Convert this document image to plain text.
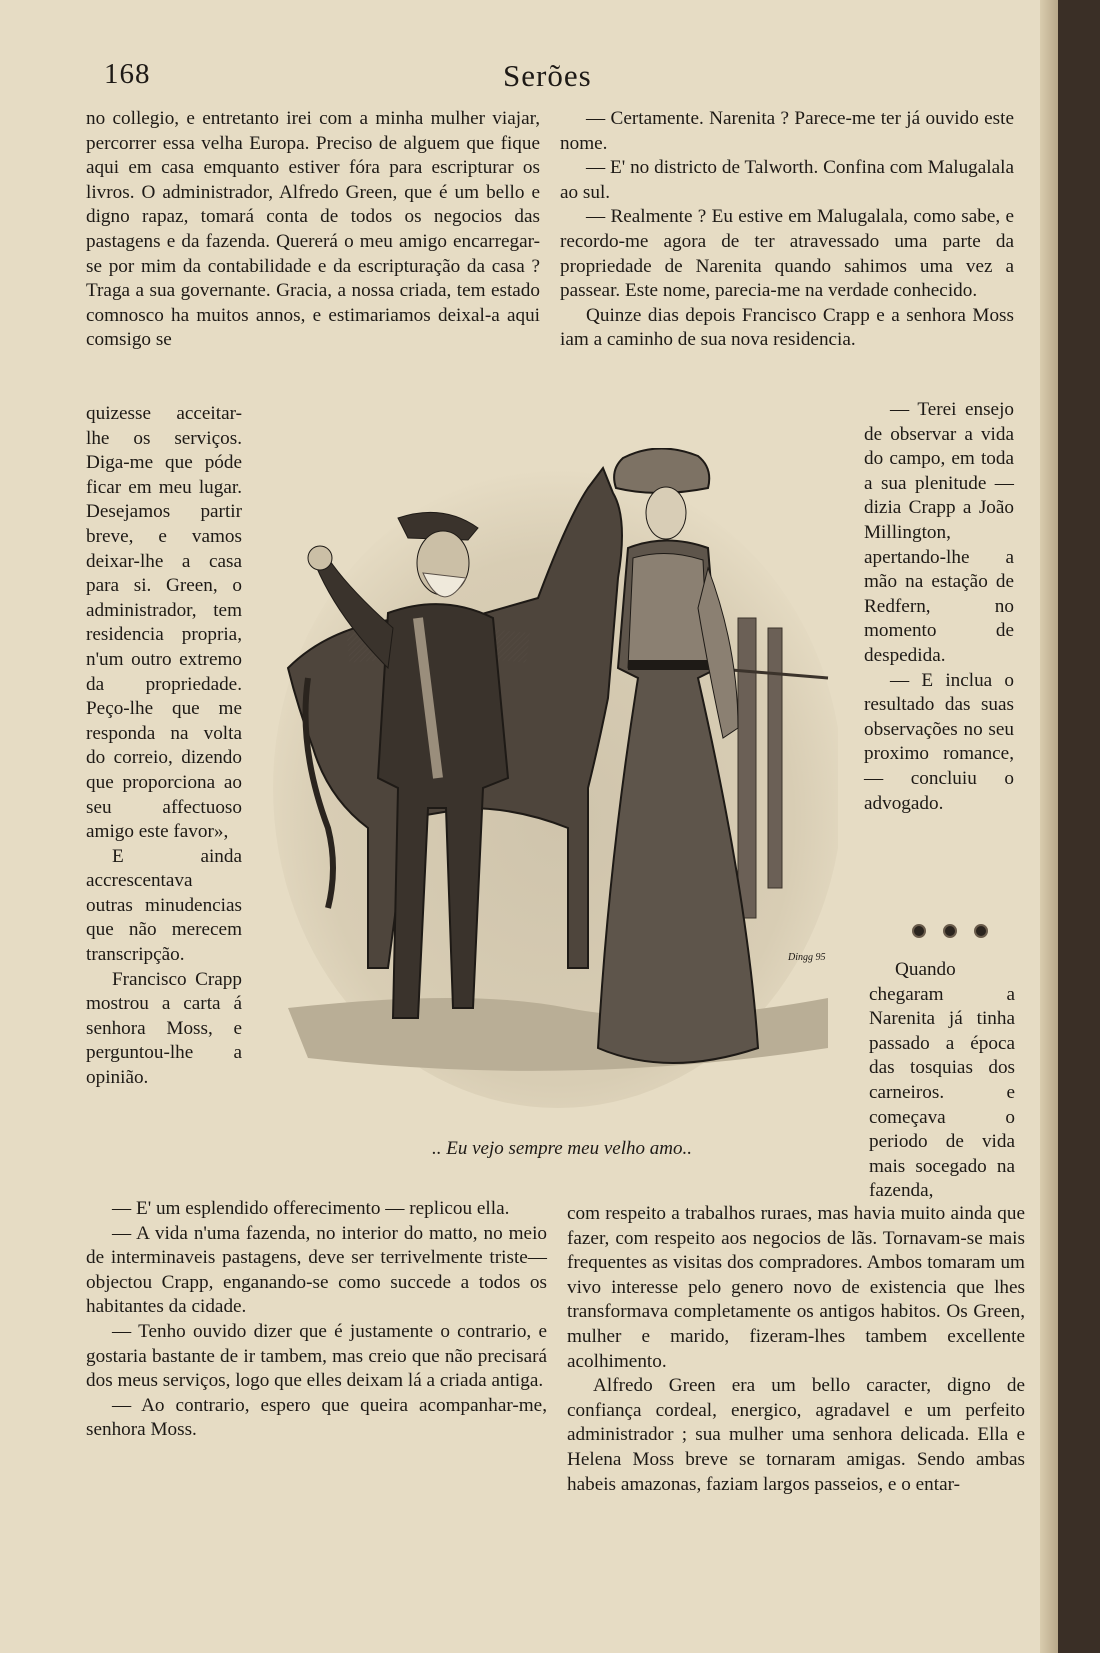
168	Serões

no collegio, e entretanto irei com a minha mulher viajar, percorrer essa velha Europa. Preciso de alguem que fique aqui em casa emquanto estiver fóra para escripturar os livros. O administrador, Alfredo Green, que é um bello e digno rapaz, tomará conta de todos os negocios das pastagens e da fazenda. Quererá o meu amigo encarregar-se por mim da contabilidade e da escripturação da casa ? Traga a sua governante. Gracia, a nossa criada, tem estado comnosco ha muitos annos, e estimariamos deixal-a aqui comsigo se

quizesse acceitar-lhe os serviços. Diga-me que póde ficar em meu lugar. Desejamos partir breve, e vamos deixar-lhe a casa para si. Green, o administrador, tem residencia propria, n'um outro extremo da propriedade. Peço-lhe que me responda na volta do correio, dizendo que proporciona ao seu affectuoso amigo este favor»,

E ainda accrescentava outras minudencias que não merecem transcripção.

Francisco Crapp mostrou a carta á senhora Moss, e perguntou-lhe a opinião.

— E' um esplendido offerecimento — replicou ella.

— A vida n'uma fazenda, no interior do matto, no meio de interminaveis pastagens, deve ser terrivelmente triste—objectou Crapp, enganando-se como succede a todos os habitantes da cidade.

— Tenho ouvido dizer que é justamente o contrario, e gostaria bastante de ir tambem, mas creio que não precisará dos meus serviços, logo que elles deixam lá a criada antiga.

— Ao contrario, espero que queira acompanhar-me, senhora Moss.

— Certamente. Narenita ? Parece-me ter já ouvido este nome.

— E' no districto de Talworth. Confina com Malugalala ao sul.

— Realmente ? Eu estive em Malugalala, como sabe, e recordo-me agora de ter atravessado uma parte da propriedade de Narenita quando sahimos uma vez a passear. Este nome, parecia-me na verdade conhecido.

Quinze dias depois Francisco Crapp e a senhora Moss iam a caminho de sua nova residencia.

— Terei ensejo de observar a vida do campo, em toda a sua plenitude — dizia Crapp a João Millington, apertando-lhe a mão na estação de Redfern, no momento de despedida.

— E inclua o resultado das suas observações no seu proximo romance, — concluiu o advogado.

Quando chegaram a Narenita já tinha passado a época das tosquias dos carneiros. e começava o periodo de vida mais socegado na fazenda,

com respeito a trabalhos ruraes, mas havia muito ainda que fazer, com respeito aos negocios de lãs. Tornavam-se mais frequentes as visitas dos compradores. Ambos tomaram um vivo interesse pelo genero novo de existencia que lhes transformava completamente os antigos habitos. Os Green, mulher e marido, fizeram-lhes tambem excellente acolhimento.

Alfredo Green era um bello caracter, digno de confiança cordeal, energico, agradavel e um perfeito administrador ; sua mulher uma senhora delicada. Ella e Helena Moss breve se tornaram amigas. Sendo ambas habeis amazonas, faziam largos passeios, e o entar-

Dingg 95
.. Eu vejo sempre meu velho amo..
